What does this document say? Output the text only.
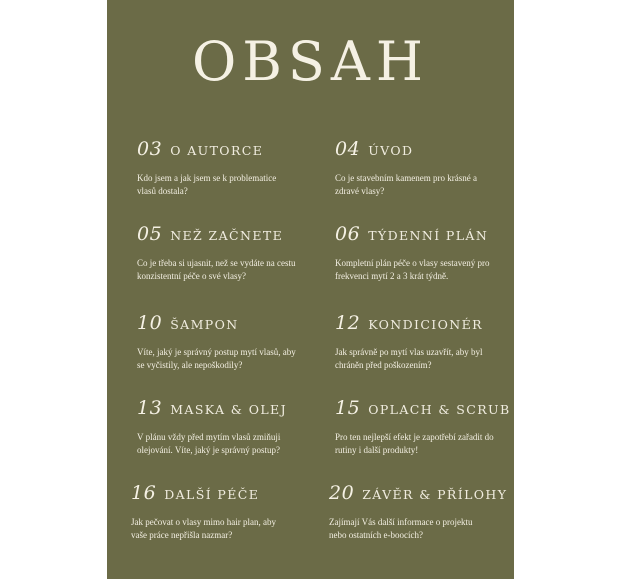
OBSAH
03 O AUTORCE
Kdo jsem a jak jsem se k problematice vlasů dostala?
04 ÚVOD
Co je stavebním kamenem pro krásné a zdravé vlasy?
05 NEŽ ZAČNETE
Co je třeba si ujasnit, než se vydáte na cestu konzistentní péče o své vlasy?
06 TÝDENNÍ PLÁN
Kompletní plán péče o vlasy sestavený pro frekvenci mytí 2 a 3 krát týdně.
10 ŠAMPON
Víte, jaký je správný postup mytí vlasů, aby se vyčistily, ale nepoškodily?
12 KONDICIONÉR
Jak správně po mytí vlas uzavřít, aby byl chráněn před poškozením?
13 MASKA & OLEJ
V plánu vždy před mytím vlasů zmiňuji olejování. Víte, jaký je správný postup?
15 OPLACH & SCRUB
Pro ten nejlepší efekt je zapotřebí zařadit do rutiny i další produkty!
16 DALŠÍ PÉČE
Jak pečovat o vlasy mimo hair plan, aby vaše práce nepřišla nazmar?
20 ZÁVĚR & PŘÍLOHY
Zajímají Vás další informace o projektu nebo ostatních e-boocích?
